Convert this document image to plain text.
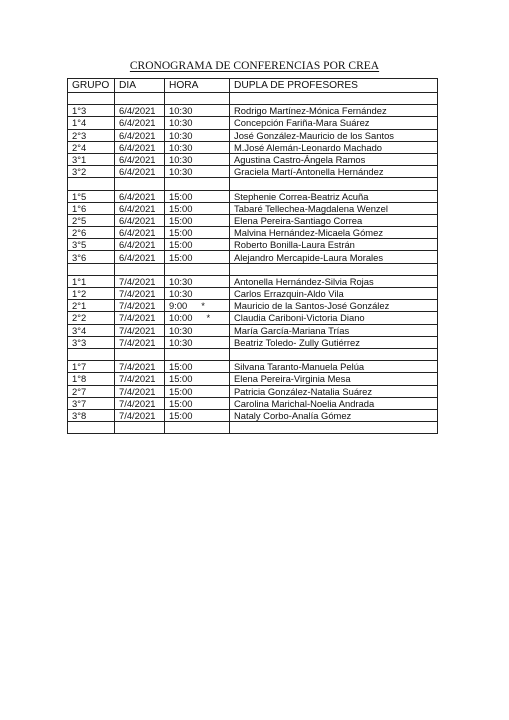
CRONOGRAMA DE CONFERENCIAS POR CREA
GRUPO	DIA	HORA	DUPLA DE PROFESORES

1°3	6/4/2021	10:30	Rodrigo Martínez-Mónica Fernández
1°4	6/4/2021	10:30	Concepción Fariña-Mara Suárez
2°3	6/4/2021	10:30	José González-Mauricio de los Santos
2°4	6/4/2021	10:30	M.José Alemán-Leonardo Machado
3°1	6/4/2021	10:30	Agustina Castro-Ángela Ramos
3°2	6/4/2021	10:30	Graciela Martí-Antonella Hernández

1°5	6/4/2021	15:00	Stephenie Correa-Beatriz Acuña
1°6	6/4/2021	15:00	Tabaré Tellechea-Magdalena Wenzel
2°5	6/4/2021	15:00	Elena Pereira-Santiago Correa
2°6	6/4/2021	15:00	Malvina Hernández-Micaela Gómez
3°5	6/4/2021	15:00	Roberto Bonilla-Laura Estrán
3°6	6/4/2021	15:00	Alejandro Mercapide-Laura Morales

1°1	7/4/2021	10:30	Antonella Hernández-Silvia Rojas
1°2	7/4/2021	10:30	Carlos Errazquin-Aldo Vila
2°1	7/4/2021	9:00 *	Mauricio de la Santos-José González
2°2	7/4/2021	10:00 *	Claudia Cariboni-Victoria Diano
3°4	7/4/2021	10:30	María García-Mariana Trías
3°3	7/4/2021	10:30	Beatriz Toledo- Zully Gutiérrez

1°7	7/4/2021	15:00	Silvana Taranto-Manuela Pelúa
1°8	7/4/2021	15:00	Elena Pereira-Virginia Mesa
2°7	7/4/2021	15:00	Patricia González-Natalia Suárez
3°7	7/4/2021	15:00	Carolina Marichal-Noelia Andrada
3°8	7/4/2021	15:00	Nataly Corbo-Analía Gómez
